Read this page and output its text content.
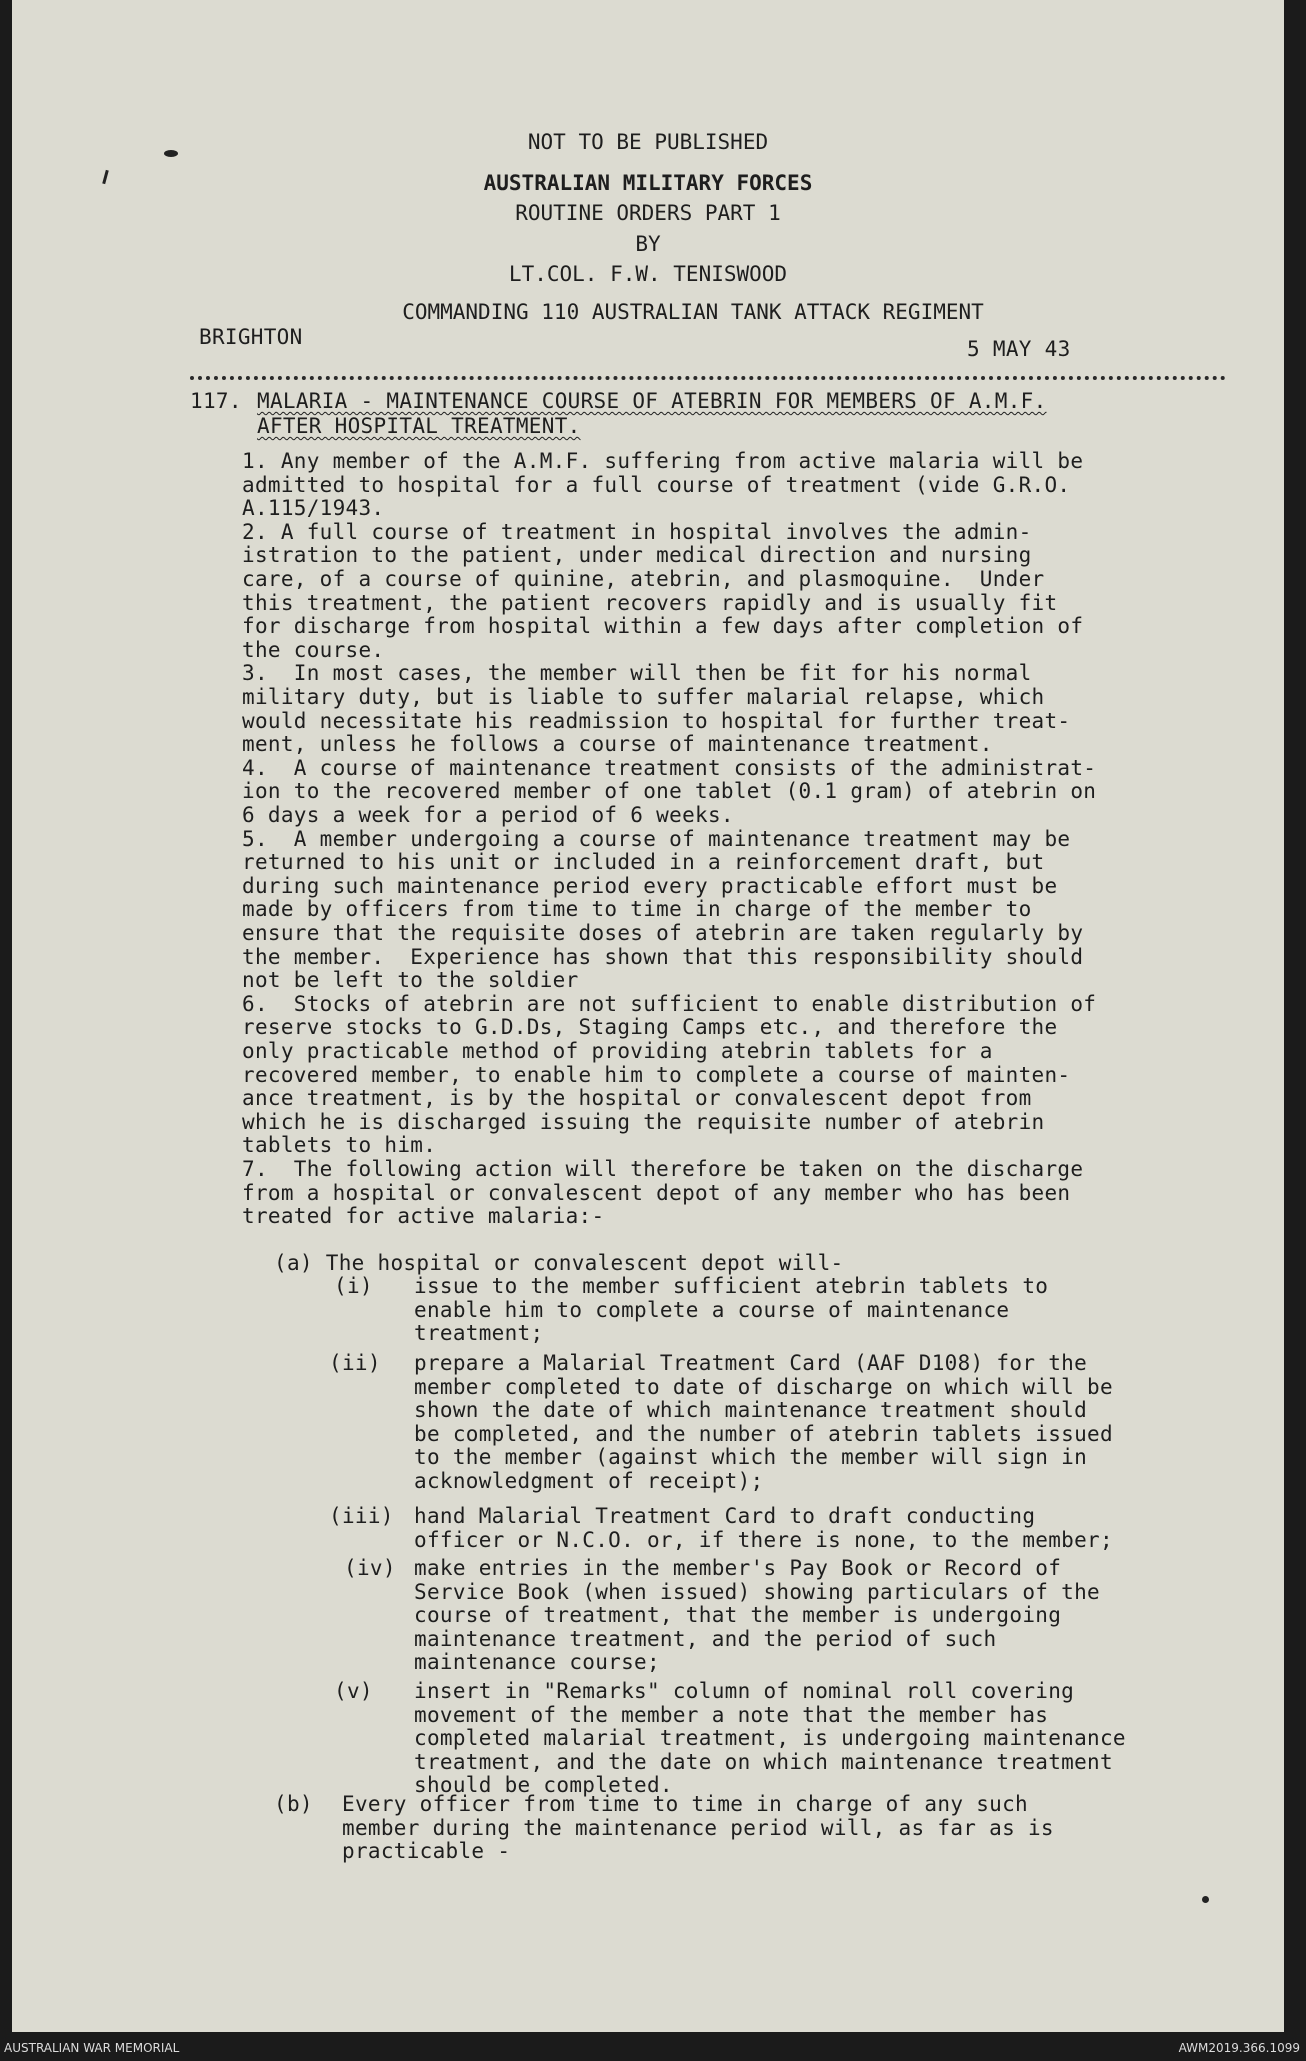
NOT TO BE PUBLISHED
AUSTRALIAN MILITARY FORCES
ROUTINE ORDERS PART 1
BY
LT.COL. F.W. TENISWOOD
COMMANDING 110 AUSTRALIAN TANK ATTACK REGIMENT
BRIGHTON	5 MAY 43
117. MALARIA - MAINTENANCE COURSE OF ATEBRIN FOR MEMBERS OF A.M.F.
AFTER HOSPITAL TREATMENT.
1. Any member of the A.M.F. suffering from active malaria will be
admitted to hospital for a full course of treatment (vide G.R.O.
A.115/1943.
2. A full course of treatment in hospital involves the admin-
istration to the patient, under medical direction and nursing
care, of a course of quinine, atebrin, and plasmoquine.  Under
this treatment, the patient recovers rapidly and is usually fit
for discharge from hospital within a few days after completion of
the course.
3.  In most cases, the member will then be fit for his normal
military duty, but is liable to suffer malarial relapse, which
would necessitate his readmission to hospital for further treat-
ment, unless he follows a course of maintenance treatment.
4.  A course of maintenance treatment consists of the administrat-
ion to the recovered member of one tablet (0.1 gram) of atebrin on
6 days a week for a period of 6 weeks.
5.  A member undergoing a course of maintenance treatment may be
returned to his unit or included in a reinforcement draft, but
during such maintenance period every practicable effort must be
made by officers from time to time in charge of the member to
ensure that the requisite doses of atebrin are taken regularly by
the member.  Experience has shown that this responsibility should
not be left to the soldier
6.  Stocks of atebrin are not sufficient to enable distribution of
reserve stocks to G.D.Ds, Staging Camps etc., and therefore the
only practicable method of providing atebrin tablets for a
recovered member, to enable him to complete a course of mainten-
ance treatment, is by the hospital or convalescent depot from
which he is discharged issuing the requisite number of atebrin
tablets to him.
7.  The following action will therefore be taken on the discharge
from a hospital or convalescent depot of any member who has been
treated for active malaria:-
(a) The hospital or convalescent depot will-
(i) issue to the member sufficient atebrin tablets to
enable him to complete a course of maintenance
treatment;
(ii) prepare a Malarial Treatment Card (AAF D108) for the
member completed to date of discharge on which will be
shown the date of which maintenance treatment should
be completed, and the number of atebrin tablets issued
to the member (against which the member will sign in
acknowledgment of receipt);
(iii) hand Malarial Treatment Card to draft conducting
officer or N.C.O. or, if there is none, to the member;
(iv) make entries in the member's Pay Book or Record of
Service Book (when issued) showing particulars of the
course of treatment, that the member is undergoing
maintenance treatment, and the period of such
maintenance course;
(v) insert in "Remarks" column of nominal roll covering
movement of the member a note that the member has
completed malarial treatment, is undergoing maintenance
treatment, and the date on which maintenance treatment
should be completed.
(b) Every officer from time to time in charge of any such
member during the maintenance period will, as far as is
practicable -
AUSTRALIAN WAR MEMORIAL	AWM2019.366.1099
